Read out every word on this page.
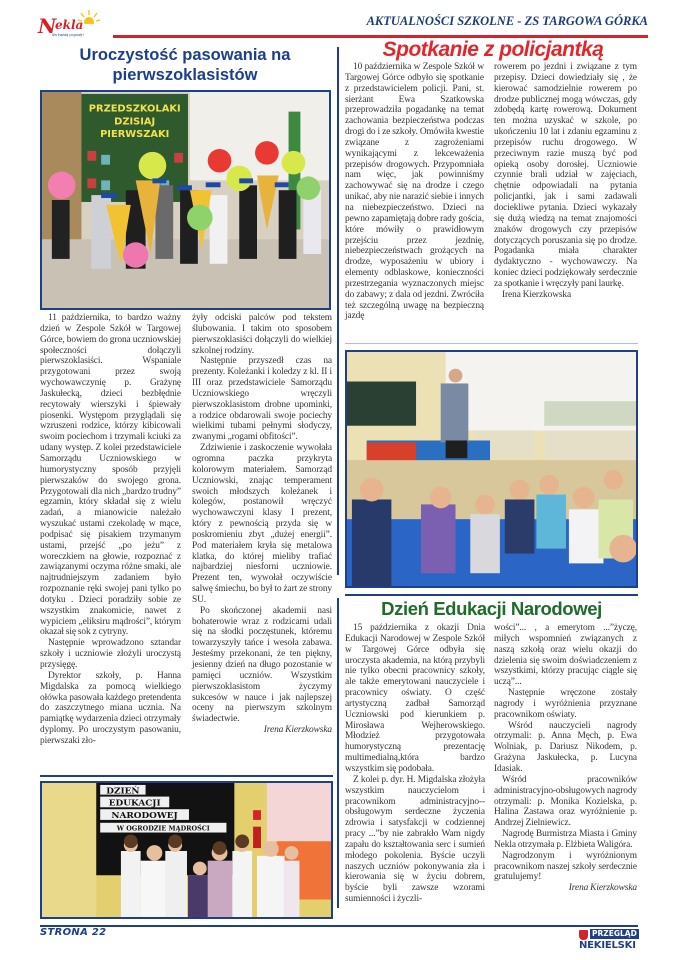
N
ekla
Na każdą pogodę!
AKTUALNOŚCI SZKOLNE - ZS TARGOWA GÓRKA
Uroczystość pasowania na
pierwszoklasistów
PRZEDSZKOLAKI
DZISIAJ
PIERWSZAKI

11 października, to bardzo ważny dzień w Zespole Szkół w Targowej Górce, bowiem do grona uczniowskiej społeczności dołączyli pierwszoklasiści. Wspaniale przygotowani przez swoją wychowawczynię p. Grażynę Jaskułecką, dzieci bezbłędnie recytowały wierszyki i śpiewały piosenki. Występom przyglądali się wzruszeni rodzice, którzy kibicowali swoim pociechom i trzymali kciuki za udany występ. Z kolei przedstawiciele Samorządu Uczniowskiego w humorystyczny sposób przyjęli pierwszaków do swojego grona. Przygotowali dla nich „bardzo trudny” egzamin, który składał się z wielu zadań, a mianowicie należało wyszukać ustami czekoladę w mące, podpisać się pisakiem trzymanym ustami, przejść „po jeżu” z woreczkiem na głowie, rozpoznać z zawiązanymi oczyma różne smaki, ale najtrudniejszym zadaniem było rozpoznanie ręki swojej pani tylko po dotyku . Dzieci poradziły sobie ze wszystkim znakomicie, nawet z wypiciem „eliksiru mądrości”, którym okazał się sok z cytryny.

Następnie wprowadzono sztandar szkoły i uczniowie złożyli uroczystą przysięgę.

Dyrektor szkoły, p. Hanna Migdalska za pomocą wielkiego ołówka pasowała każdego pretendenta do zaszczytnego miana ucznia. Na pamiątkę wydarzenia dzieci otrzymały dyplomy. Po uroczystym pasowaniu, pierwszaki zło-

żyły odciski palców pod tekstem ślubowania. I takim oto sposobem pierwszoklasiści dołączyli do wielkiej szkolnej rodziny.

Następnie przyszedł czas na prezenty. Koleżanki i koledzy z kl. II i III oraz przedstawiciele Samorządu Uczniowskiego wręczyli pierwszoklasistom drobne upominki, a rodzice obdarowali swoje pociechy wielkimi tubami pełnymi słodyczy, zwanymi „rogami obfitości”.

Zdziwienie i zaskoczenie wywołała ogromna paczka przykryta kolorowym materiałem. Samorząd Uczniowski, znając temperament swoich młodszych koleżanek i kolegów, postanowił wręczyć wychowawczyni klasy I prezent, który z pewnością przyda się w poskromieniu zbyt „dużej energii”. Pod materiałem kryła się metalowa klatka, do której mieliby trafiać najbardziej niesforni uczniowie. Prezent ten, wywołał oczywiście salwę śmiechu, bo był to żart ze strony SU.

Po skończonej akademii nasi bohaterowie wraz z rodzicami udali się na słodki poczęstunek, któremu towarzyszyły tańce i wesoła zabawa. Jesteśmy przekonani, że ten piękny, jesienny dzień na długo pozostanie w pamięci uczniów. Wszystkim pierwszoklasistom życzymy sukcesów w nauce i jak najlepszej oceny na pierwszym szkolnym świadectwie.

Irena Kierzkowska

Spotkanie z policjantką

10 października w Zespole Szkół w Targowej Górce odbyło się spotkanie z przedstawicielem policji. Pani, st. sierżant Ewa Szatkowska przeprowadziła pogadankę na temat zachowania bezpieczeństwa podczas drogi do i ze szkoły. Omówiła kwestie związane z zagrożeniami wynikającymi z lekceważenia przepisów drogowych. Przypomniała nam więc, jak powinniśmy zachowywać się na drodze i czego unikać, aby nie narazić siebie i innych na niebezpieczeństwo. Dzieci na pewno zapamiętają dobre rady gościa, które mówiły o prawidłowym przejściu przez jezdnię, niebezpieczeństwach grożących na drodze, wyposażeniu w ubiory i elementy odblaskowe, konieczności przestrzegania wyznaczonych miejsc do zabawy; z dala od jezdni. Zwróciła też szczególną uwagę na bezpieczną jazdę

rowerem po jezdni i związane z tym przepisy. Dzieci dowiedziały się , że kierować samodzielnie rowerem po drodze publicznej mogą wówczas, gdy zdobędą kartę rowerową. Dokument ten można uzyskać w szkole, po ukończeniu 10 lat i zdaniu egzaminu z przepisów ruchu drogowego. W przeciwnym razie muszą być pod opieką osoby dorosłej. Uczniowie czynnie brali udział w zajęciach, chętnie odpowiadali na pytania policjantki, jak i sami zadawali dociekliwe pytania. Dzieci wykazały się dużą wiedzą na temat znajomości znaków drogowych czy przepisów dotyczących poruszania się po drodze. Pogadanka miała charakter dydaktyczno - wychowawczy. Na koniec dzieci podziękowały serdecznie za spotkanie i wręczyły pani laurkę.

Irena Kierzkowska

Dzień Edukacji Narodowej

15 października z okazji Dnia Edukacji Narodowej w Zespole Szkół w Targowej Górce odbyła się uroczysta akademia, na którą przybyli nie tylko obecni pracownicy szkoły, ale także emerytowani nauczyciele i pracownicy oświaty. O część artystyczną zadbał Samorząd Uczniowski pod kierunkiem p. Mirosława Wejherowskiego. Młodzież przygotowała humorystyczną prezentację multimedialną,która bardzo wszystkim się podobała.

Z kolei p. dyr. H. Migdalska złożyła wszystkim nauczycielom i pracownikom administracyjno--obsługowym serdeczne życzenia zdrowia i satysfakcji w codziennej pracy ...”by nie zabrakło Wam nigdy zapału do kształtowania serc i sumień młodego pokolenia. Byście uczyli naszych uczniów pokonywania zła i kierowania się w życiu dobrem, byście byli zawsze wzorami sumienności i życzli-

wości”... , a emerytom ...”życzę, miłych wspomnień związanych z naszą szkołą oraz wielu okazji do dzielenia się swoim doświadczeniem z wszystkimi, którzy pracując ciągle się uczą”...

Następnie wręczone zostały nagrody i wyróżnienia przyznane pracownikom oświaty.

Wśród nauczycieli nagrody otrzymali: p. Anna Męch, p. Ewa Wolniak, p. Dariusz Nikodem, p. Grażyna Jaskułecka, p. Lucyna Idasiak.

Wśród pracowników administracyjno-obsługowych nagrody otrzymali: p. Monika Kozielska, p. Halina Zastawa oraz wyróżnienie p. Andrzej Zielniewicz.

Nagrodę Burmistrza Miasta i Gminy Nekla otrzymała p. Elżbieta Waligóra.

Nagrodzonym i wyróżnionym pracownikom naszej szkoły serdecznie gratulujemy!

Irena Kierzkowska

DZIEŃ
EDUKACJI
NARODOWEJ
W OGRODZIE MĄDROŚCI
STRONA 22	PRZEGLĄD
NEKIELSKI
